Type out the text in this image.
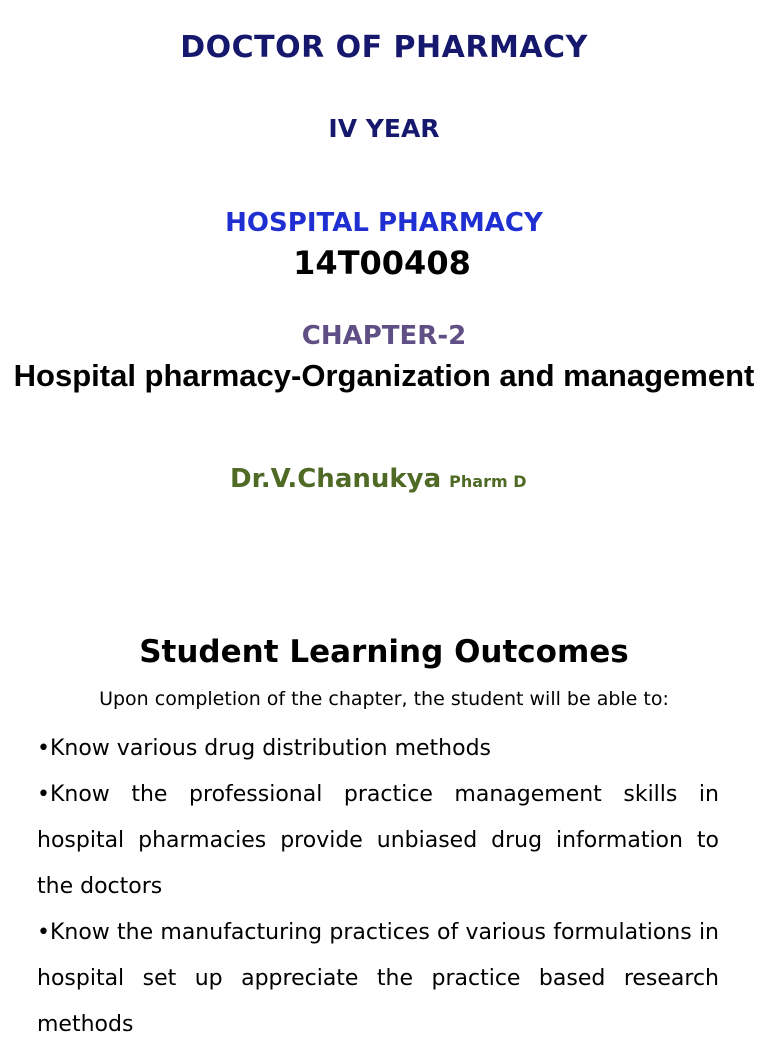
DOCTOR OF PHARMACY
IV YEAR
HOSPITAL PHARMACY
14T00408
CHAPTER-2
Hospital pharmacy-Organization and management
Dr.V.Chanukya Pharm D
Student Learning Outcomes
Upon completion of the chapter, the student will be able to:
•Know various drug distribution methods
•Know the professional practice management skills in hospital pharmacies provide unbiased drug information to the doctors
•Know the manufacturing practices of various formulations in hospital set up appreciate the practice based research methods
